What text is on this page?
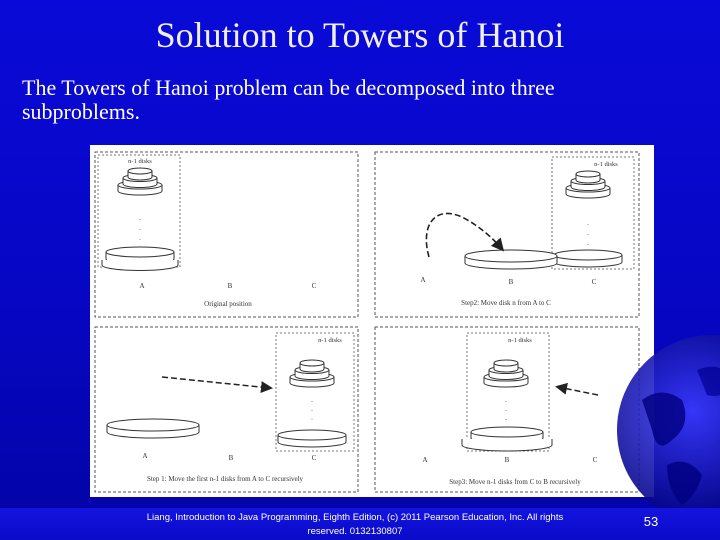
Solution to Towers of Hanoi
The Towers of Hanoi problem can be decomposed into three subproblems.
n-1 disks
.
.
.
A	B	C
Original position
n-1 disks
.
.
.
A	B	C
Step2: Move disk n from A to C
n-1 disks
.
.
.
A	B	C
Step 1: Move the first n-1 disks from A to C recursively
n-1 disks
.
.
.
A	B	C
Step3: Move n-1 disks from C to B recursively
Liang, Introduction to Java Programming, Eighth Edition, (c) 2011 Pearson Education, Inc. All rights reserved. 0132130807
53
